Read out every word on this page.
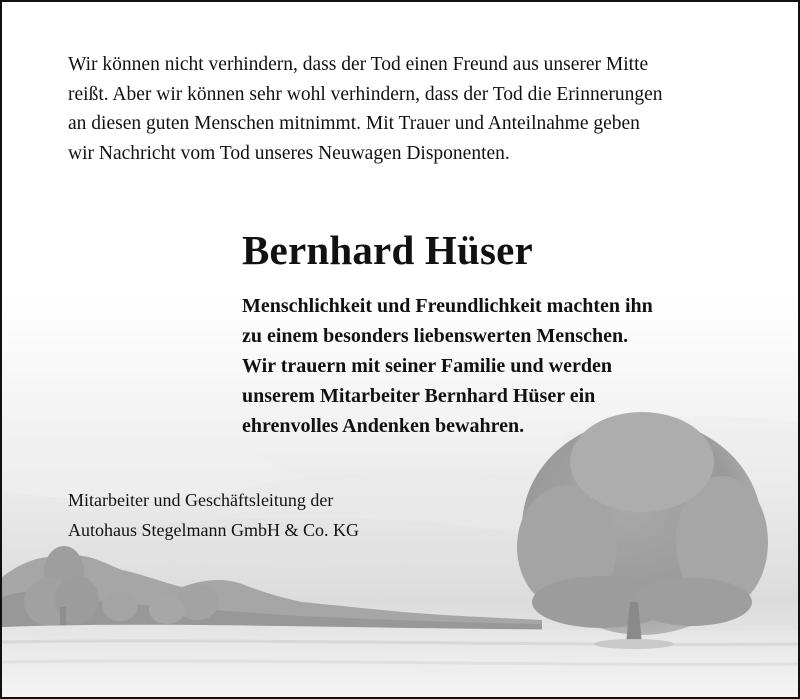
Wir können nicht verhindern, dass der Tod einen Freund aus unserer Mitte
reißt. Aber wir können sehr wohl verhindern, dass der Tod die Erinnerungen
an diesen guten Menschen mitnimmt. Mit Trauer und Anteilnahme geben
wir Nachricht vom Tod unseres Neuwagen Disponenten.

Bernhard Hüser

Menschlichkeit und Freundlichkeit machten ihn
zu einem besonders liebenswerten Menschen.
Wir trauern mit seiner Familie und werden
unserem Mitarbeiter Bernhard Hüser ein
ehrenvolles Andenken bewahren.

Mitarbeiter und Geschäftsleitung der
Autohaus Stegelmann GmbH & Co. KG
